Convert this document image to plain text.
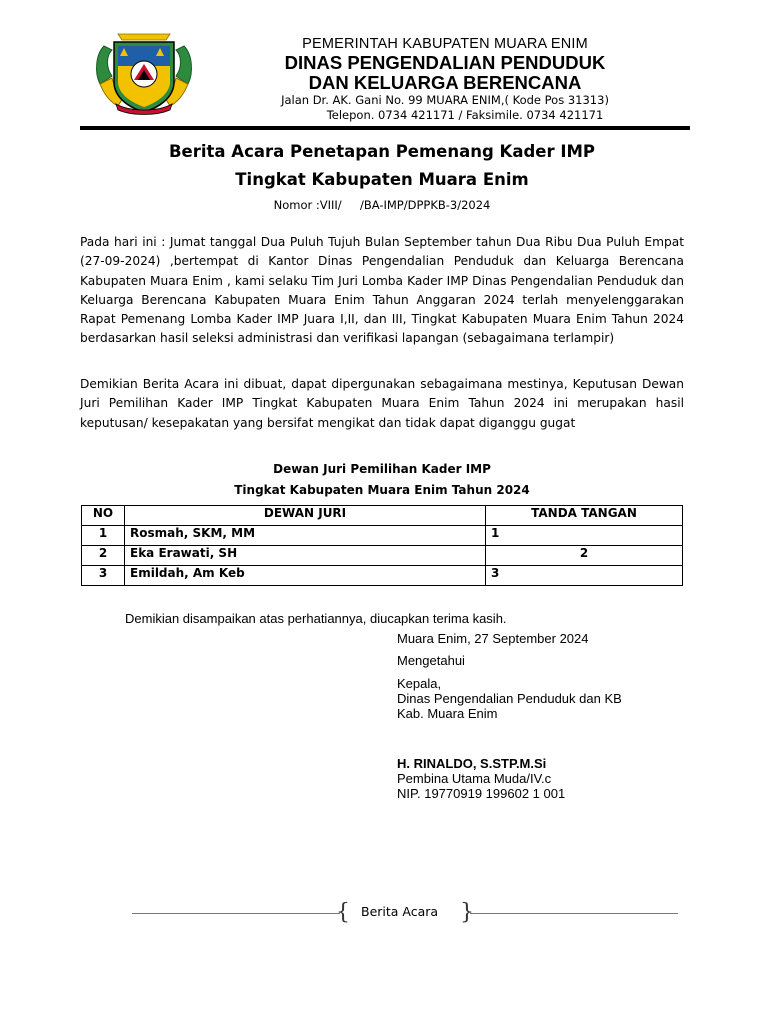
PEMERINTAH KABUPATEN MUARA ENIM
DINAS PENGENDALIAN PENDUDUK
DAN KELUARGA BERENCANA
Jalan Dr. AK. Gani No. 99 MUARA ENIM,( Kode Pos 31313)
Telepon. 0734 421171 / Faksimile. 0734 421171
Berita Acara Penetapan Pemenang Kader IMP
Tingkat Kabupaten Muara Enim
Nomor :VIII/     /BA-IMP/DPPKB-3/2024
Pada hari ini : Jumat tanggal Dua Puluh Tujuh Bulan September tahun Dua Ribu Dua Puluh Empat (27-09-2024) ,bertempat di Kantor Dinas Pengendalian Penduduk dan Keluarga Berencana Kabupaten Muara Enim , kami selaku Tim Juri Lomba Kader IMP Dinas Pengendalian Penduduk dan Keluarga Berencana Kabupaten Muara Enim Tahun Anggaran 2024 terlah menyelenggarakan Rapat Pemenang Lomba Kader IMP Juara I,II, dan III, Tingkat Kabupaten Muara Enim Tahun 2024 berdasarkan hasil seleksi administrasi dan verifikasi lapangan (sebagaimana terlampir)
Demikian Berita Acara ini dibuat, dapat dipergunakan sebagaimana mestinya, Keputusan Dewan Juri Pemilihan Kader IMP Tingkat Kabupaten Muara Enim Tahun 2024 ini merupakan hasil keputusan/ kesepakatan yang bersifat mengikat dan tidak dapat diganggu gugat
Dewan Juri Pemilihan Kader IMP
Tingkat Kabupaten Muara Enim Tahun 2024
NO	DEWAN JURI	TANDA TANGAN
1	Rosmah, SKM, MM	1
2	Eka Erawati, SH	2
3	Emildah, Am Keb	3
Demikian disampaikan atas perhatiannya, diucapkan terima kasih.
Muara Enim, 27 September 2024
Mengetahui
Kepala,
Dinas Pengendalian Penduduk dan KB
Kab. Muara Enim
H. RINALDO, S.STP.M.Si
Pembina Utama Muda/IV.c
NIP. 19770919 199602 1 001
{	}
Berita Acara
